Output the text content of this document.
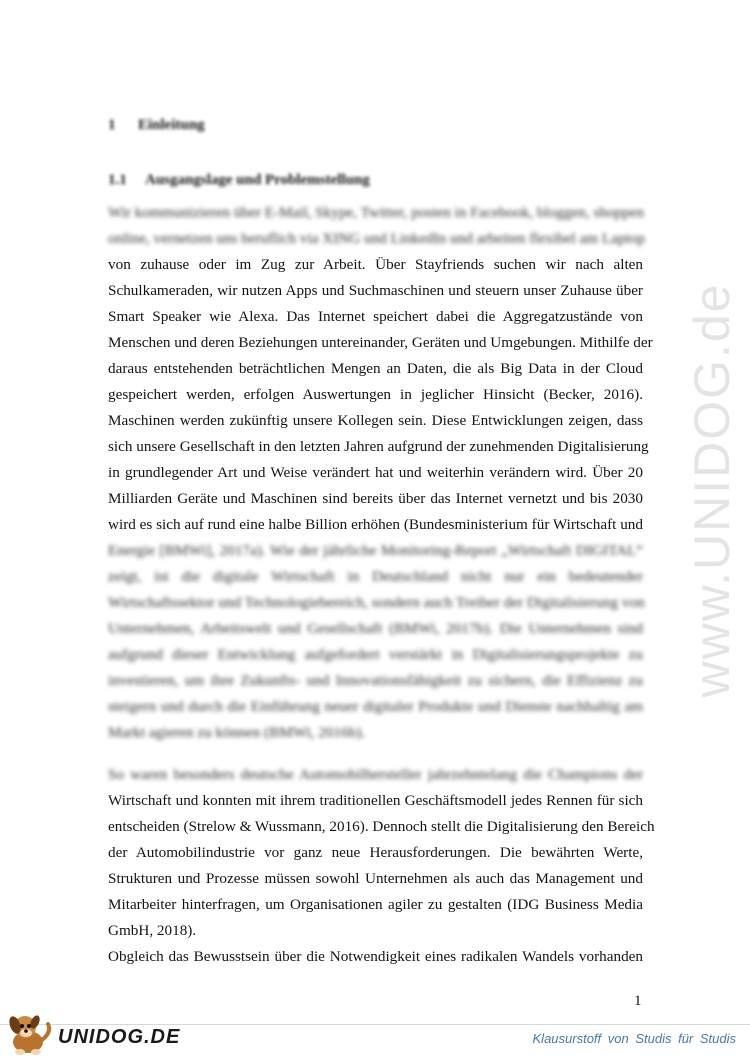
www.UNIDOG.de
1 Einleitung
1.1 Ausgangslage und Problemstellung
Wir kommunizieren über E-Mail, Skype, Twitter, posten in Facebook, bloggen, shoppen
online, vernetzen uns beruflich via XING und LinkedIn und arbeiten flexibel am Laptop
von zuhause oder im Zug zur Arbeit. Über Stayfriends suchen wir nach alten
Schulkameraden, wir nutzen Apps und Suchmaschinen und steuern unser Zuhause über
Smart Speaker wie Alexa. Das Internet speichert dabei die Aggregatzustände von
Menschen und deren Beziehungen untereinander, Geräten und Umgebungen. Mithilfe der
daraus entstehenden beträchtlichen Mengen an Daten, die als Big Data in der Cloud
gespeichert werden, erfolgen Auswertungen in jeglicher Hinsicht (Becker, 2016).
Maschinen werden zukünftig unsere Kollegen sein. Diese Entwicklungen zeigen, dass
sich unsere Gesellschaft in den letzten Jahren aufgrund der zunehmenden Digitalisierung
in grundlegender Art und Weise verändert hat und weiterhin verändern wird. Über 20
Milliarden Geräte und Maschinen sind bereits über das Internet vernetzt und bis 2030
wird es sich auf rund eine halbe Billion erhöhen (Bundesministerium für Wirtschaft und
Energie [BMWi], 2017a). Wie der jährliche Monitoring-Report „Wirtschaft DIGITAL“
zeigt, ist die digitale Wirtschaft in Deutschland nicht nur ein bedeutender
Wirtschaftssektor und Technologiebereich, sondern auch Treiber der Digitalisierung von
Unternehmen, Arbeitswelt und Gesellschaft (BMWi, 2017b). Die Unternehmen sind
aufgrund dieser Entwicklung aufgefordert verstärkt in Digitalisierungsprojekte zu
investieren, um ihre Zukunfts- und Innovationsfähigkeit zu sichern, die Effizienz zu
steigern und durch die Einführung neuer digitaler Produkte und Dienste nachhaltig am
Markt agieren zu können (BMWi, 2016b).
So waren besonders deutsche Automobilhersteller jahrzehntelang die Champions der
Wirtschaft und konnten mit ihrem traditionellen Geschäftsmodell jedes Rennen für sich
entscheiden (Strelow & Wussmann, 2016). Dennoch stellt die Digitalisierung den Bereich
der Automobilindustrie vor ganz neue Herausforderungen. Die bewährten Werte,
Strukturen und Prozesse müssen sowohl Unternehmen als auch das Management und
Mitarbeiter hinterfragen, um Organisationen agiler zu gestalten (IDG Business Media
GmbH, 2018).
Obgleich das Bewusstsein über die Notwendigkeit eines radikalen Wandels vorhanden
1
UNIDOG.DE	Klausurstoff von Studis für Studis
